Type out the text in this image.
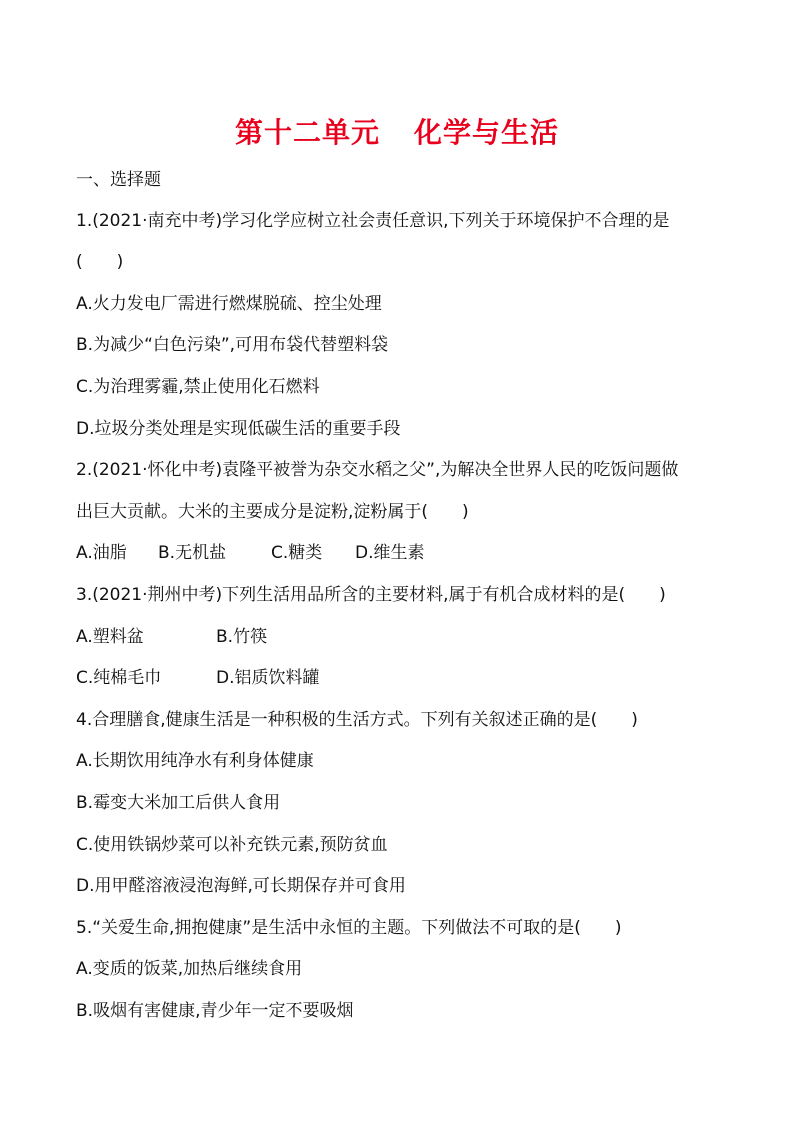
第十二单元 化学与生活
一、选择题
1.(2021·南充中考)学习化学应树立社会责任意识,下列关于环境保护不合理的是
(　　)
A.火力发电厂需进行燃煤脱硫、控尘处理
B.为减少“白色污染”,可用布袋代替塑料袋
C.为治理雾霾,禁止使用化石燃料
D.垃圾分类处理是实现低碳生活的重要手段
2.(2021·怀化中考)袁隆平被誉为杂交水稻之父”,为解决全世界人民的吃饭问题做
出巨大贡献。大米的主要成分是淀粉,淀粉属于(　　)
A.油脂 B.无机盐	C.糖类 D.维生素
3.(2021·荆州中考)下列生活用品所含的主要材料,属于有机合成材料的是(　　)
A.塑料盆	B.竹筷
C.纯棉毛巾	D.铝质饮料罐
4.合理膳食,健康生活是一种积极的生活方式。下列有关叙述正确的是(　　)
A.长期饮用纯净水有利身体健康
B.霉变大米加工后供人食用
C.使用铁锅炒菜可以补充铁元素,预防贫血
D.用甲醛溶液浸泡海鲜,可长期保存并可食用
5.“关爱生命,拥抱健康”是生活中永恒的主题。下列做法不可取的是(　　)
A.变质的饭菜,加热后继续食用
B.吸烟有害健康,青少年一定不要吸烟
